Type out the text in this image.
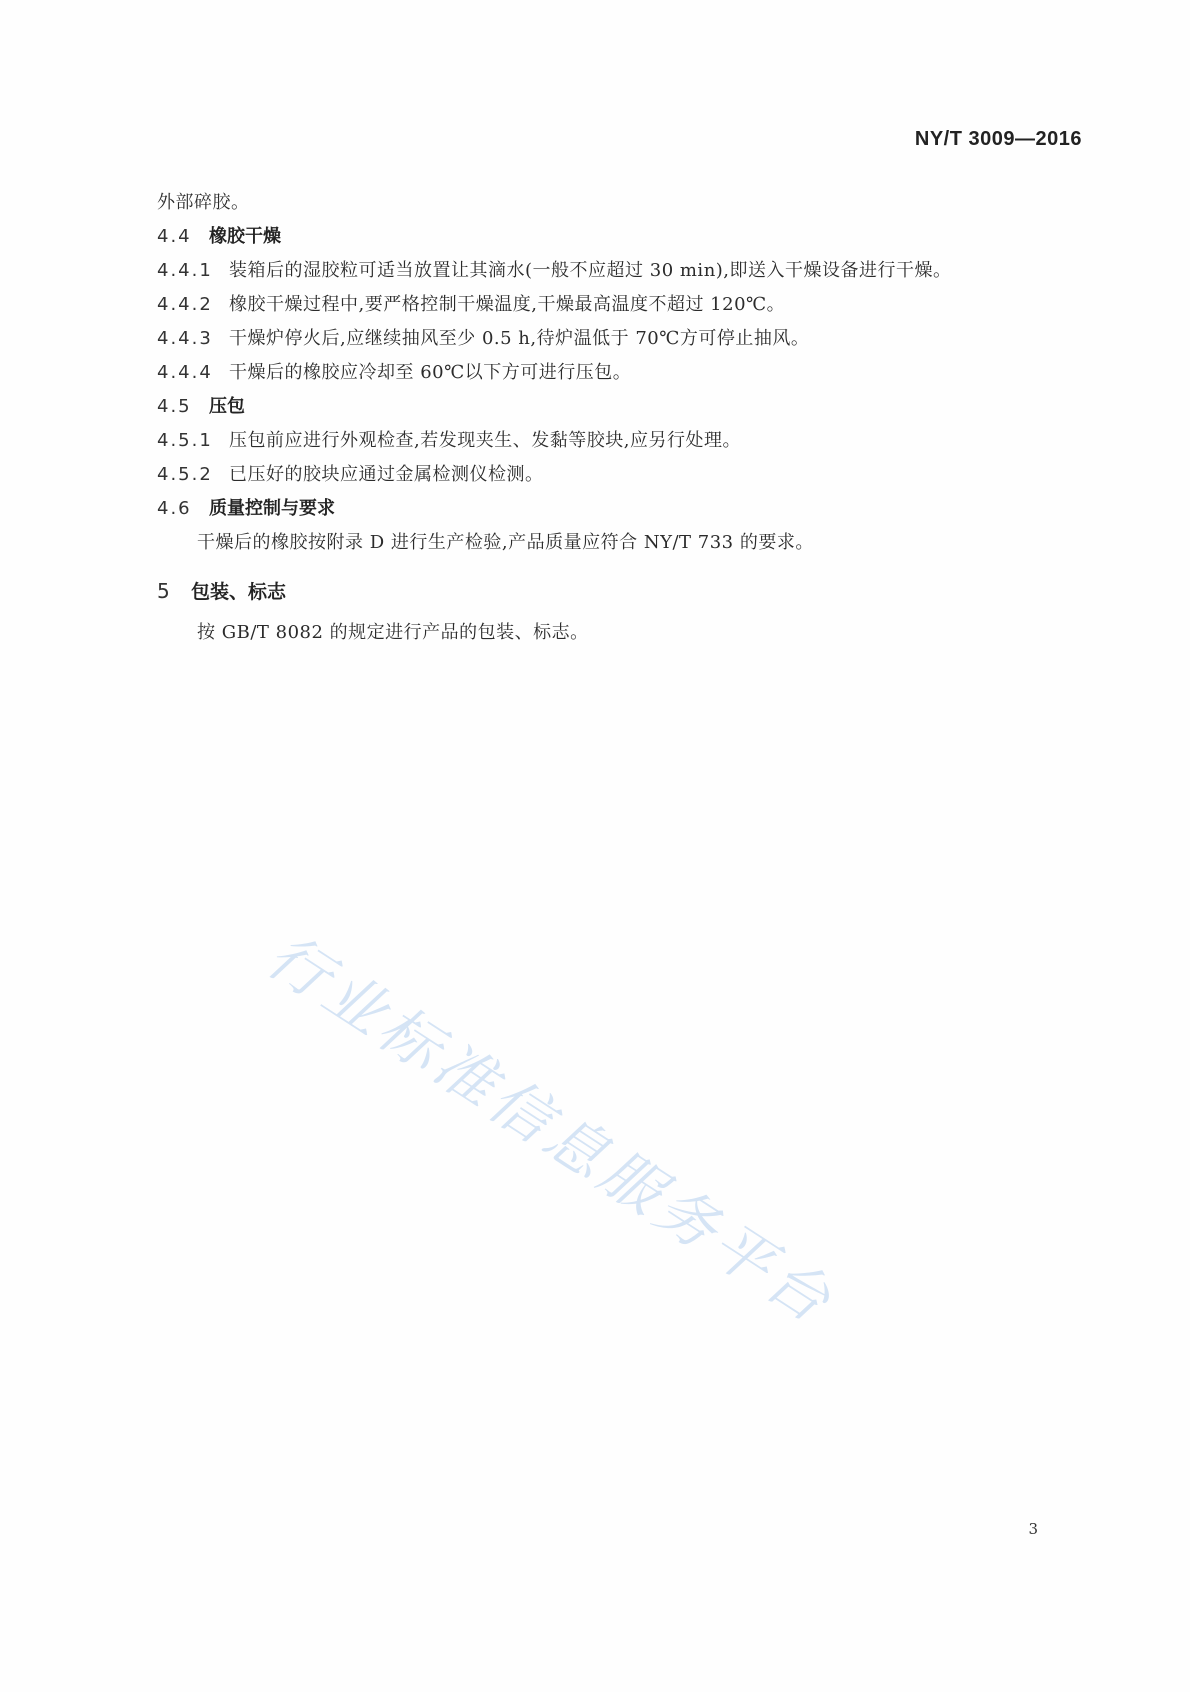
NY/T 3009—2016
外部碎胶。
4.4 橡胶干燥
4.4.1 装箱后的湿胶粒可适当放置让其滴水(一般不应超过 30 min),即送入干燥设备进行干燥。
4.4.2 橡胶干燥过程中,要严格控制干燥温度,干燥最高温度不超过 120℃。
4.4.3 干燥炉停火后,应继续抽风至少 0.5 h,待炉温低于 70℃方可停止抽风。
4.4.4 干燥后的橡胶应冷却至 60℃以下方可进行压包。
4.5 压包
4.5.1 压包前应进行外观检查,若发现夹生、发黏等胶块,应另行处理。
4.5.2 已压好的胶块应通过金属检测仪检测。
4.6 质量控制与要求
干燥后的橡胶按附录 D 进行生产检验,产品质量应符合 NY/T 733 的要求。
5	包装、标志
按 GB/T 8082 的规定进行产品的包装、标志。
行业标准信息服务平台
3
